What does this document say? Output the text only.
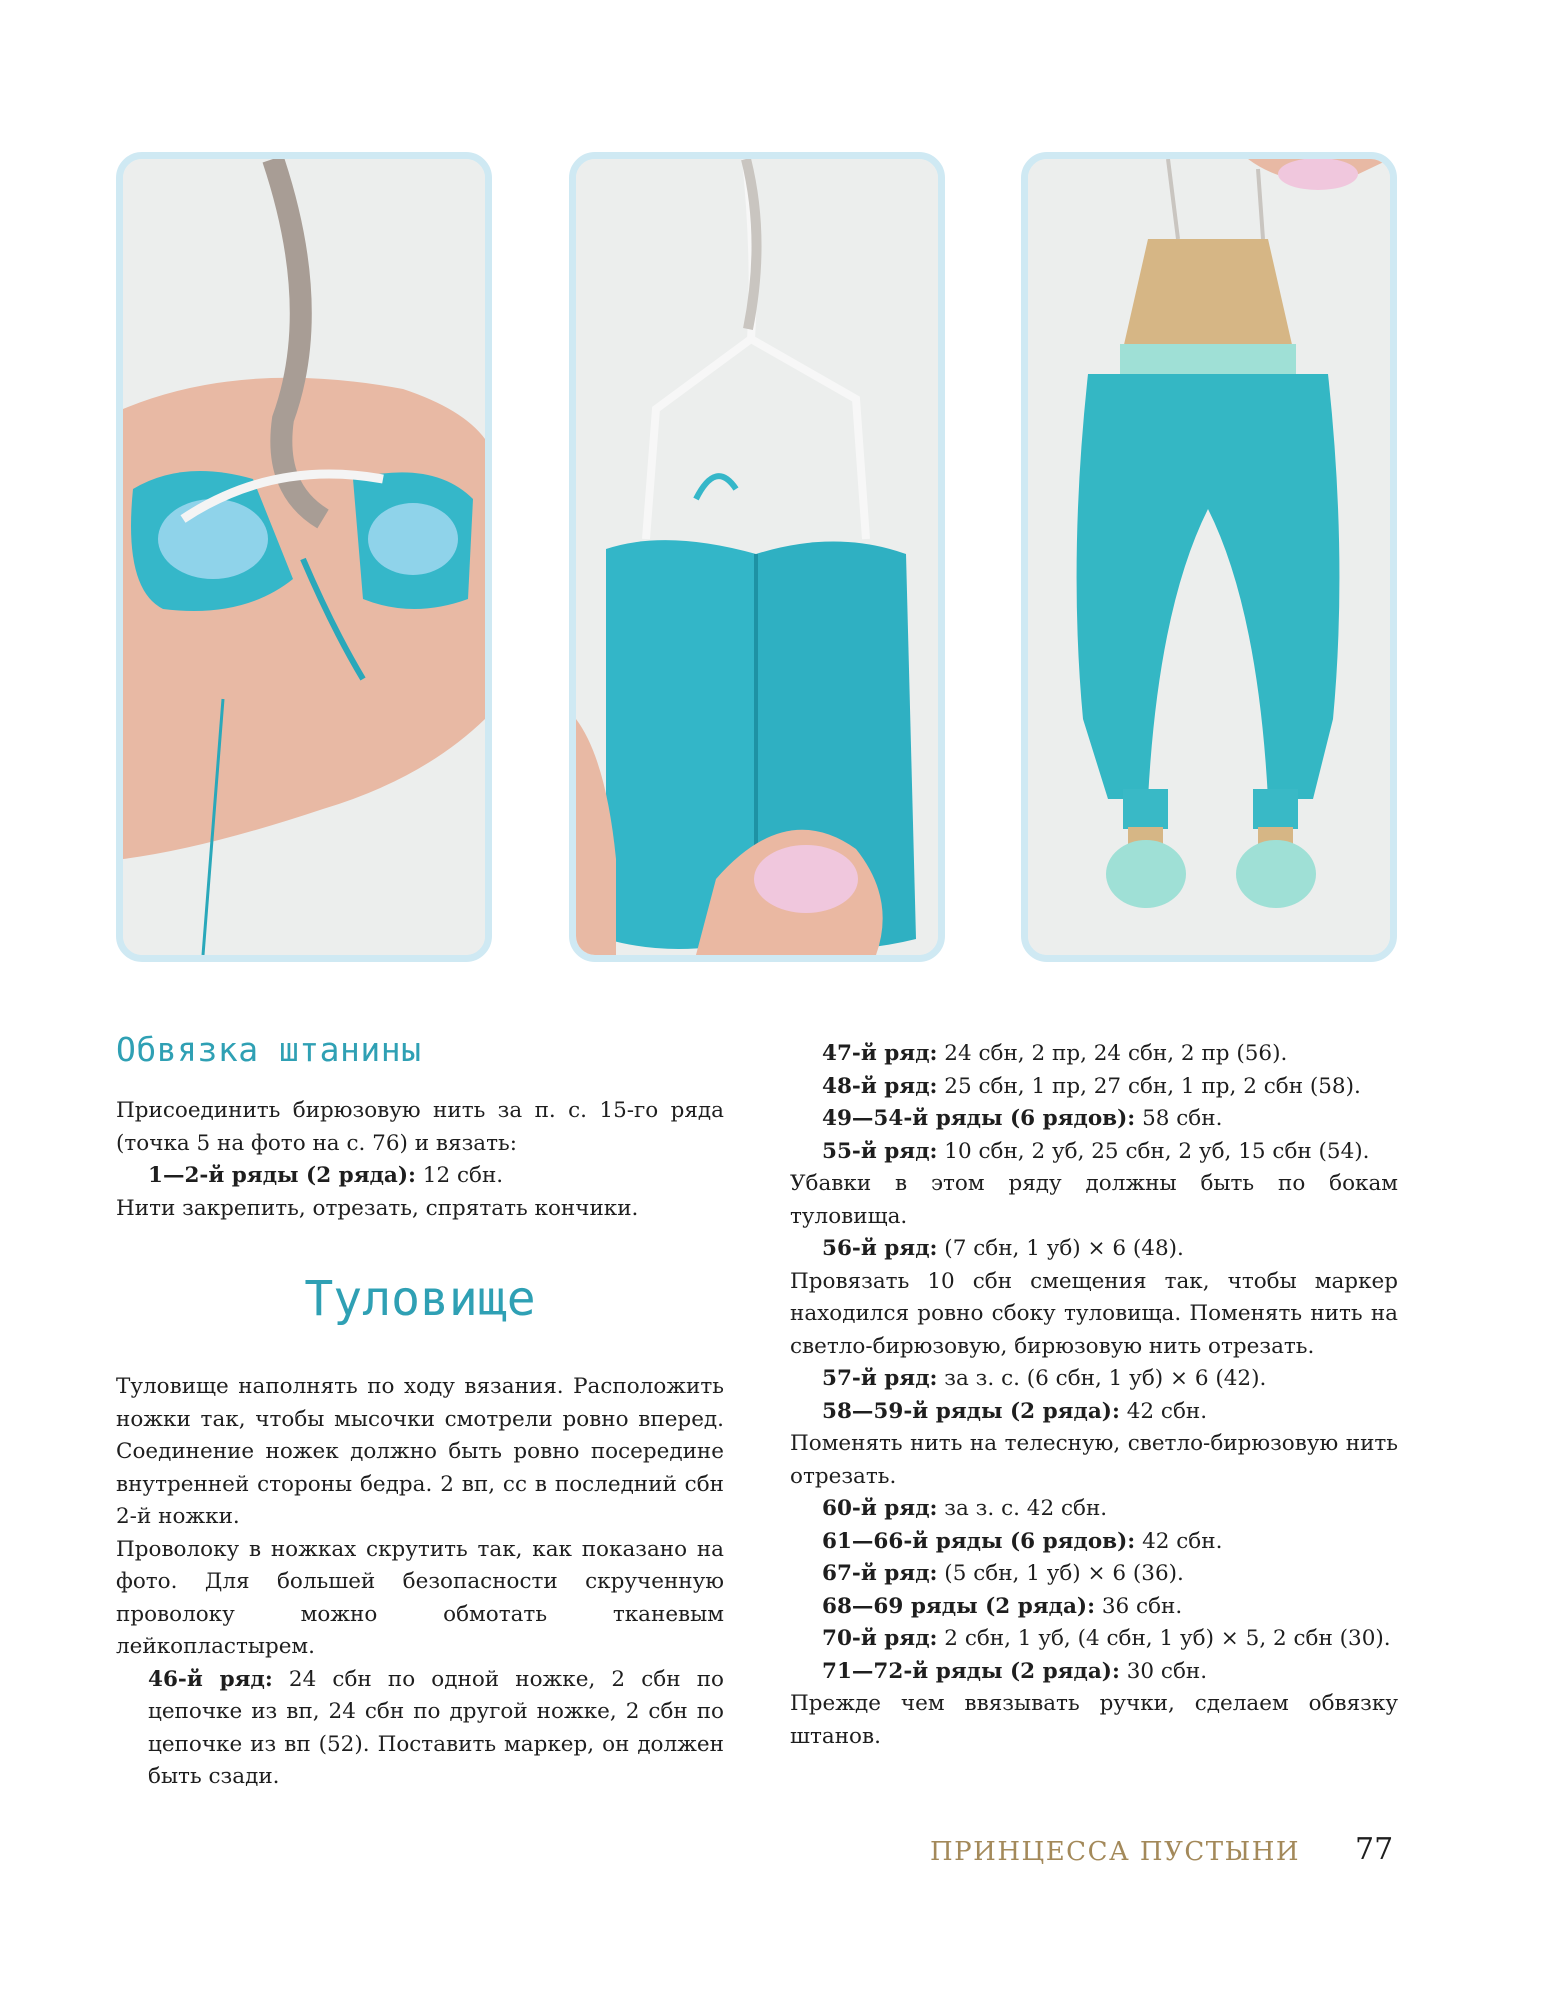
Обвязка штанины

Присоединить бирюзовую нить за п. с. 15-го ряда (точка 5 на фото на с. 76) и вязать:

1—2-й ряды (2 ряда): 12 сбн.

Нити закрепить, отрезать, спрятать кончики.

Туловище

Туловище наполнять по ходу вязания. Расположить ножки так, чтобы мысочки смотрели ровно вперед. Соединение ножек должно быть ровно посередине внутренней стороны бедра. 2 вп, сс в последний сбн 2-й ножки.

Проволоку в ножках скрутить так, как показано на фото. Для большей безопасности скрученную проволоку можно обмотать тканевым лейкопластырем.

46-й ряд: 24 сбн по одной ножке, 2 сбн по цепочке из вп, 24 сбн по другой ножке, 2 сбн по цепочке из вп (52). Поставить маркер, он должен быть сзади.

47-й ряд: 24 сбн, 2 пр, 24 сбн, 2 пр (56).

48-й ряд: 25 сбн, 1 пр, 27 сбн, 1 пр, 2 сбн (58).

49—54-й ряды (6 рядов): 58 сбн.

55-й ряд: 10 сбн, 2 уб, 25 сбн, 2 уб, 15 сбн (54).

Убавки в этом ряду должны быть по бокам туловища.

56-й ряд: (7 сбн, 1 уб) × 6 (48).

Провязать 10 сбн смещения так, чтобы маркер находился ровно сбоку туловища. Поменять нить на светло-бирюзовую, бирюзовую нить отрезать.

57-й ряд: за з. с. (6 сбн, 1 уб) × 6 (42).

58—59-й ряды (2 ряда): 42 сбн.

Поменять нить на телесную, светло-бирюзовую нить отрезать.

60-й ряд: за з. с. 42 сбн.

61—66-й ряды (6 рядов): 42 сбн.

67-й ряд: (5 сбн, 1 уб) × 6 (36).

68—69 ряды (2 ряда): 36 сбн.

70-й ряд: 2 сбн, 1 уб, (4 сбн, 1 уб) × 5, 2 сбн (30).

71—72-й ряды (2 ряда): 30 сбн.

Прежде чем ввязывать ручки, сделаем обвязку штанов.

ПРИНЦЕССА ПУСТЫНИ 77
